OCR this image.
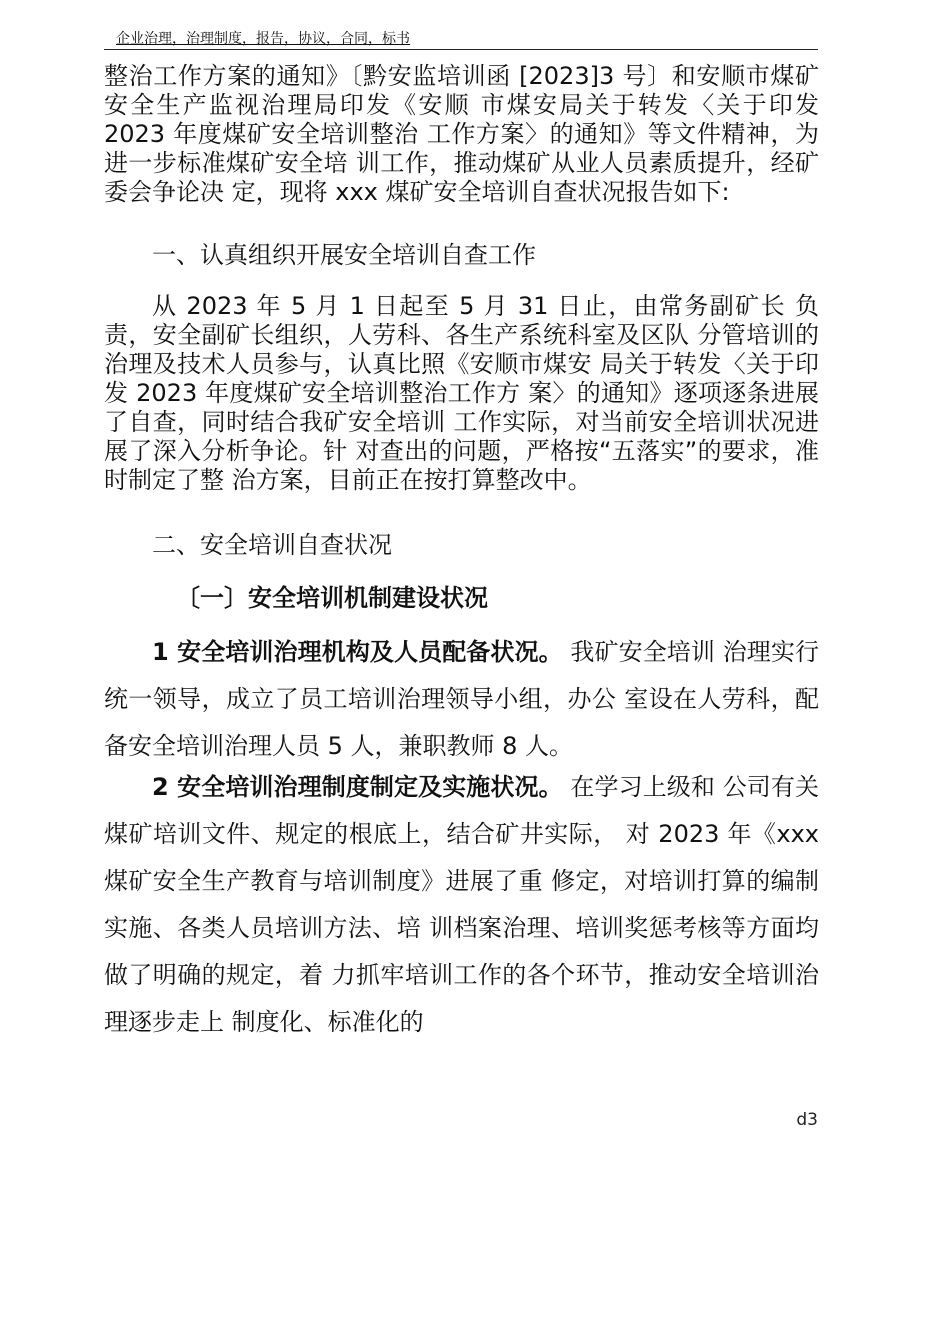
企业治理，治理制度，报告，协议，合同，标书

整治工作方案的通知》〔黔安监培训函 [2023]3 号〕和安顺市煤矿安全生产监视治理局印发《安顺 市煤安局关于转发〈关于印发 2023 年度煤矿安全培训整治 工作方案〉的通知》等文件精神，为进一步标准煤矿安全培 训工作，推动煤矿从业人员素质提升，经矿委会争论决 定，现将 xxx 煤矿安全培训自查状况报告如下:

一、认真组织开展安全培训自查工作

从 2023 年 5 月 1 日起至 5 月 31 日止，由常务副矿长 负责，安全副矿长组织，人劳科、各生产系统科室及区队 分管培训的治理及技术人员参与，认真比照《安顺市煤安 局关于转发〈关于印发 2023 年度煤矿安全培训整治工作方 案〉的通知》逐项逐条进展了自查，同时结合我矿安全培训 工作实际，对当前安全培训状况进展了深入分析争论。针 对查出的问题，严格按“五落实”的要求，准时制定了整 治方案，目前正在按打算整改中。

二、安全培训自查状况

〔一〕安全培训机制建设状况

1 安全培训治理机构及人员配备状况。 我矿安全培训 治理实行统一领导，成立了员工培训治理领导小组，办公 室设在人劳科，配备安全培训治理人员 5 人，兼职教师 8 人。

2 安全培训治理制度制定及实施状况。 在学习上级和 公司有关煤矿培训文件、规定的根底上，结合矿井实际， 对 2023 年《xxx 煤矿安全生产教育与培训制度》进展了重 修定，对培训打算的编制实施、各类人员培训方法、培 训档案治理、培训奖惩考核等方面均做了明确的规定，着 力抓牢培训工作的各个环节，推动安全培训治理逐步走上 制度化、标准化的

d3
